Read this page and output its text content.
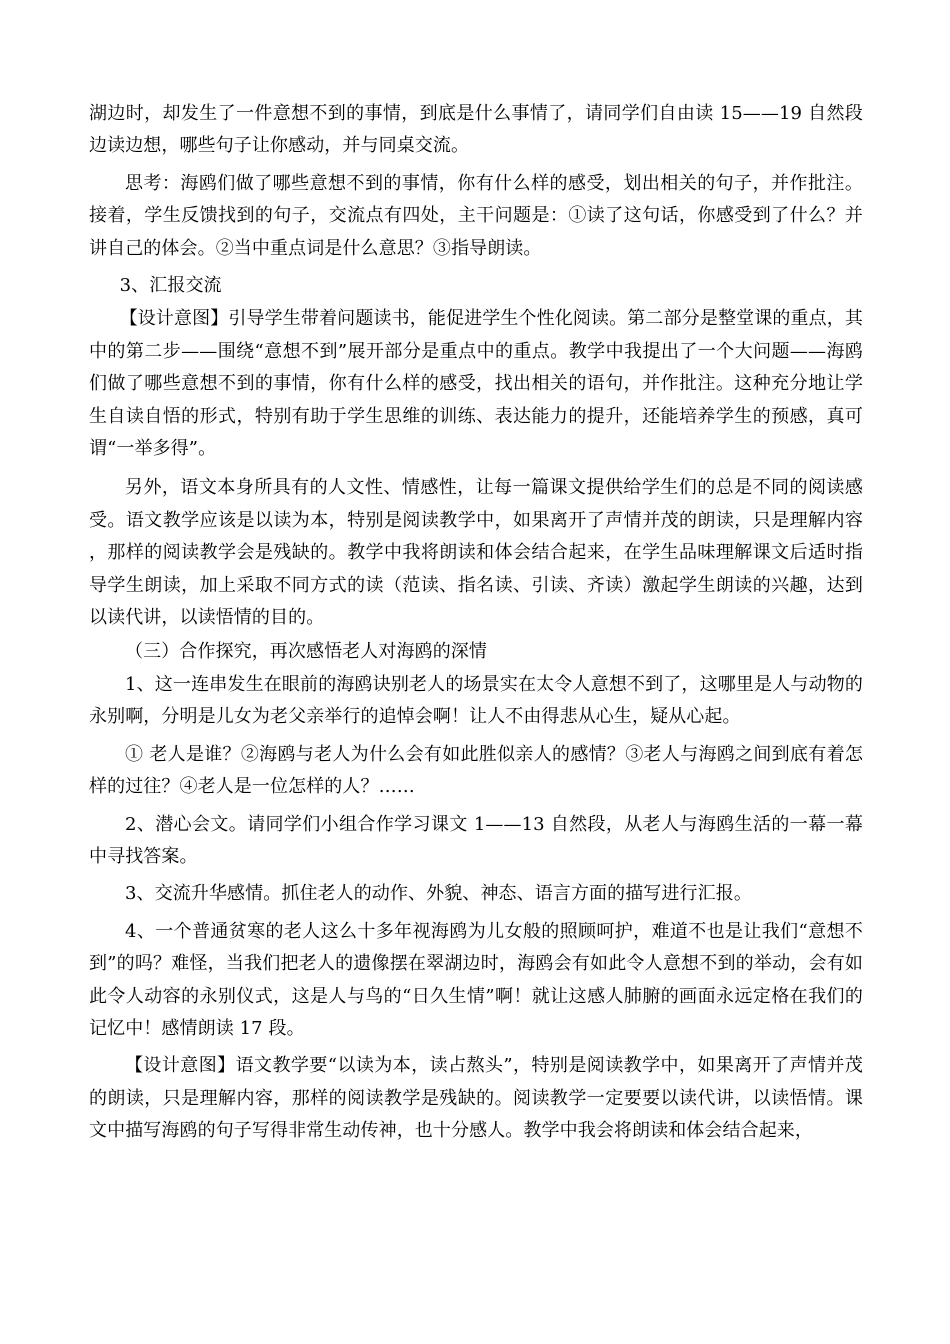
湖边时，却发生了一件意想不到的事情，到底是什么事情了，请同学们自由读 15——19 自然段边读边想，哪些句子让你感动，并与同桌交流。

思考：海鸥们做了哪些意想不到的事情，你有什么样的感受，划出相关的句子，并作批注。接着，学生反馈找到的句子，交流点有四处，主干问题是：①读了这句话，你感受到了什么？并讲自己的体会。②当中重点词是什么意思？③指导朗读。

3、汇报交流

【设计意图】引导学生带着问题读书，能促进学生个性化阅读。第二部分是整堂课的重点，其中的第二步——围绕“意想不到”展开部分是重点中的重点。教学中我提出了一个大问题——海鸥们做了哪些意想不到的事情，你有什么样的感受，找出相关的语句，并作批注。这种充分地让学生自读自悟的形式，特别有助于学生思维的训练、表达能力的提升，还能培养学生的预感，真可谓“一举多得”。

另外，语文本身所具有的人文性、情感性，让每一篇课文提供给学生们的总是不同的阅读感受。语文教学应该是以读为本，特别是阅读教学中，如果离开了声情并茂的朗读，只是理解内容，那样的阅读教学会是残缺的。教学中我将朗读和体会结合起来，在学生品味理解课文后适时指导学生朗读，加上采取不同方式的读（范读、指名读、引读、齐读）激起学生朗读的兴趣，达到以读代讲，以读悟情的目的。

（三）合作探究，再次感悟老人对海鸥的深情

1、这一连串发生在眼前的海鸥诀别老人的场景实在太令人意想不到了，这哪里是人与动物的永别啊，分明是儿女为老父亲举行的追悼会啊！让人不由得悲从心生，疑从心起。

① 老人是谁？②海鸥与老人为什么会有如此胜似亲人的感情？③老人与海鸥之间到底有着怎样的过往？④老人是一位怎样的人？……

2、潜心会文。请同学们小组合作学习课文 1——13 自然段，从老人与海鸥生活的一幕一幕中寻找答案。

3、交流升华感情。抓住老人的动作、外貌、神态、语言方面的描写进行汇报。

4、一个普通贫寒的老人这么十多年视海鸥为儿女般的照顾呵护，难道不也是让我们“意想不到”的吗？难怪，当我们把老人的遗像摆在翠湖边时，海鸥会有如此令人意想不到的举动，会有如此令人动容的永别仪式，这是人与鸟的“日久生情”啊！就让这感人肺腑的画面永远定格在我们的记忆中！感情朗读 17 段。

【设计意图】语文教学要“以读为本，读占熬头”，特别是阅读教学中，如果离开了声情并茂的朗读，只是理解内容，那样的阅读教学是残缺的。阅读教学一定要要以读代讲，以读悟情。课文中描写海鸥的句子写得非常生动传神，也十分感人。教学中我会将朗读和体会结合起来，
